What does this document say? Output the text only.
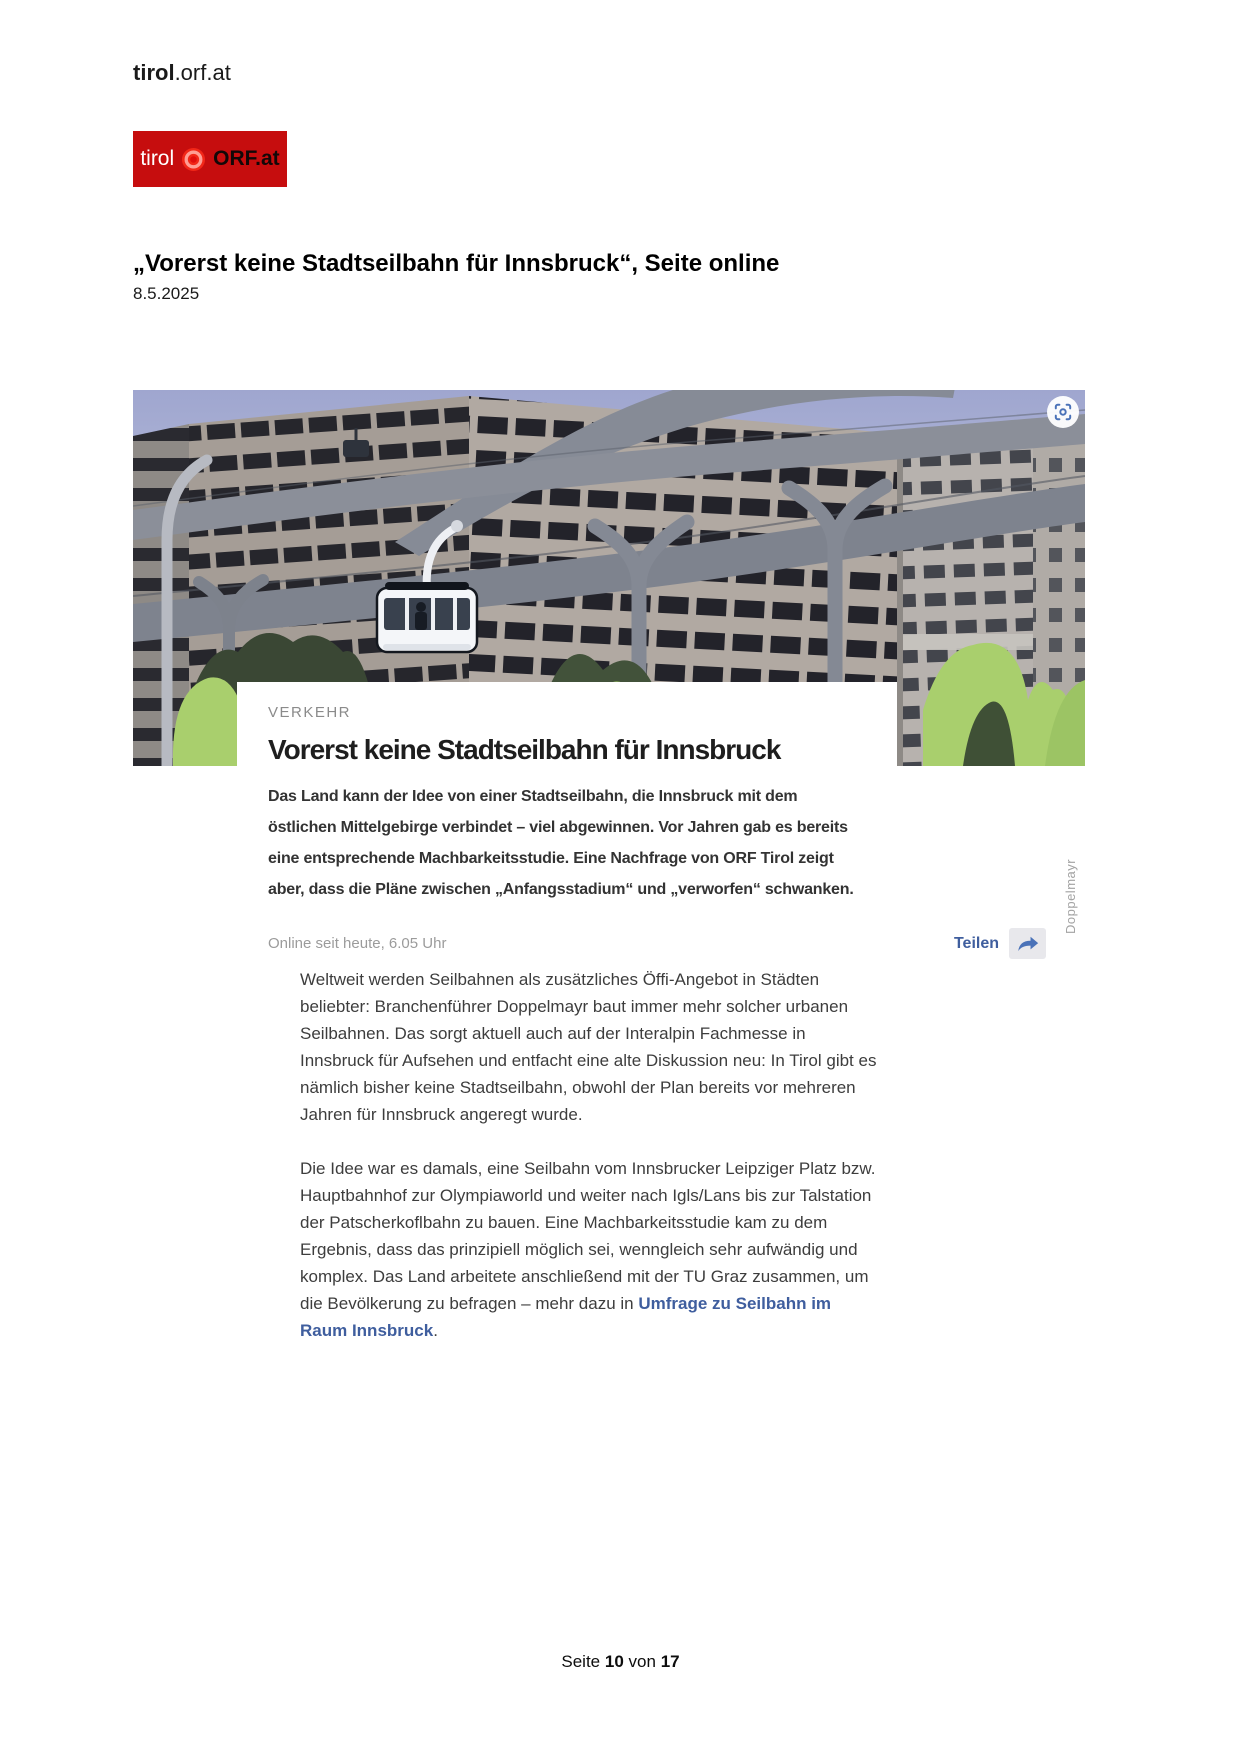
tirol.orf.at
tirol ORF.at
„Vorerst keine Stadtseilbahn für Innsbruck“, Seite online
8.5.2025
Doppelmayr
VERKEHR
Vorerst keine Stadtseilbahn für Innsbruck
Das Land kann der Idee von einer Stadtseilbahn, die Innsbruck mit dem östlichen Mittelgebirge verbindet – viel abgewinnen. Vor Jahren gab es bereits eine entsprechende Machbarkeitsstudie. Eine Nachfrage von ORF Tirol zeigt aber, dass die Pläne zwischen „Anfangsstadium“ und „verworfen“ schwanken.
Online seit heute, 6.05 Uhr	Teilen

Weltweit werden Seilbahnen als zusätzliches Öffi-Angebot in Städten beliebter: Branchenführer Doppelmayr baut immer mehr solcher urbanen Seilbahnen. Das sorgt aktuell auch auf der Interalpin Fachmesse in Innsbruck für Aufsehen und entfacht eine alte Diskussion neu: In Tirol gibt es nämlich bisher keine Stadtseilbahn, obwohl der Plan bereits vor mehreren Jahren für Innsbruck angeregt wurde.

Die Idee war es damals, eine Seilbahn vom Innsbrucker Leipziger Platz bzw. Hauptbahnhof zur Olympiaworld und weiter nach Igls/Lans bis zur Talstation der Patscherkoflbahn zu bauen. Eine Machbarkeitsstudie kam zu dem Ergebnis, dass das prinzipiell möglich sei, wenngleich sehr aufwändig und komplex. Das Land arbeitete anschließend mit der TU Graz zusammen, um die Bevölkerung zu befragen – mehr dazu in Umfrage zu Seilbahn im Raum Innsbruck.

Seite 10 von 17
